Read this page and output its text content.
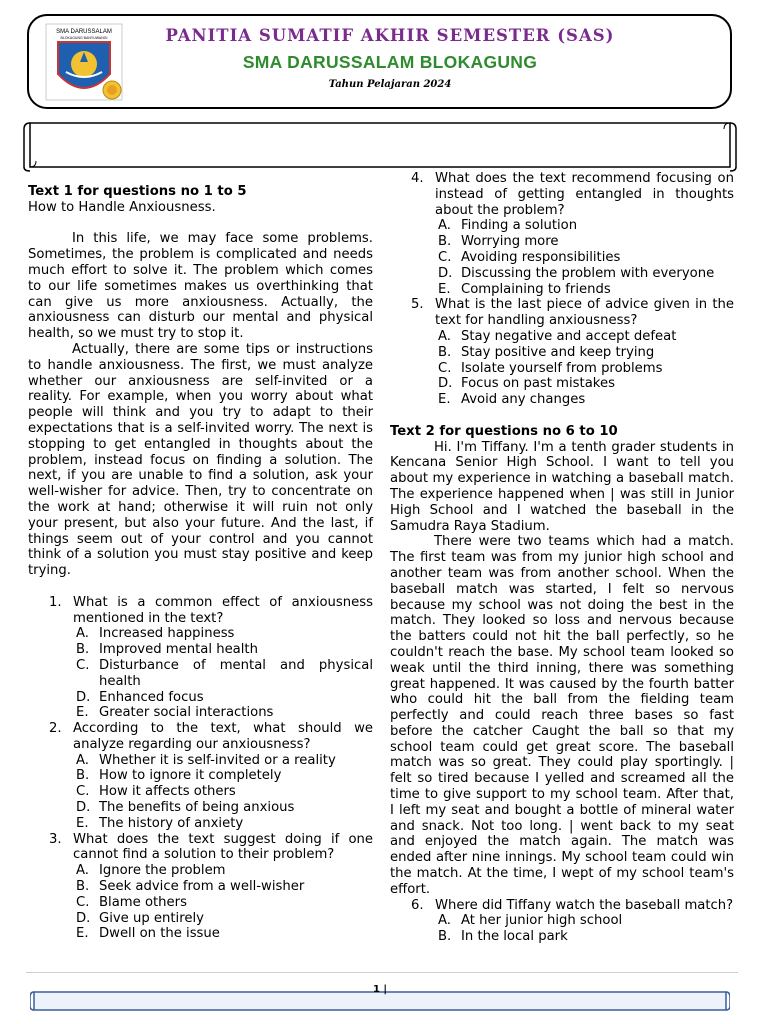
SMA DARUSSALAM
BLOKAGUNG BANYUWANGI	PANITIA SUMATIF AKHIR SEMESTER (SAS)
SMA DARUSSALAM BLOKAGUNG
Tahun Pelajaran 2024

Text 1 for questions no 1 to 5

How to Handle Anxiousness.

In this life, we may face some problems. Sometimes, the problem is complicated and needs much effort to solve it. The problem which comes to our life sometimes makes us overthinking that can give us more anxiousness. Actually, the anxiousness can disturb our mental and physical health, so we must try to stop it.

Actually, there are some tips or instructions to handle anxiousness. The first, we must analyze whether our anxiousness are self-invited or a reality. For example, when you worry about what people will think and you try to adapt to their expectations that is a self-invited worry. The next is stopping to get entangled in thoughts about the problem, instead focus on finding a solution. The next, if you are unable to find a solution, ask your well-wisher for advice. Then, try to concentrate on the work at hand; otherwise it will ruin not only your present, but also your future. And the last, if things seem out of your control and you cannot think of a solution you must stay positive and keep trying.

1. What is a common effect of anxiousness mentioned in the text?
A. Increased happiness
B. Improved mental health
C. Disturbance of mental and physical health
D. Enhanced focus
E. Greater social interactions
2. According to the text, what should we analyze regarding our anxiousness?
A. Whether it is self-invited or a reality
B. How to ignore it completely
C. How it affects others
D. The benefits of being anxious
E. The history of anxiety
3. What does the text suggest doing if one cannot find a solution to their problem?
A. Ignore the problem
B. Seek advice from a well-wisher
C. Blame others
D. Give up entirely
E. Dwell on the issue
4. What does the text recommend focusing on instead of getting entangled in thoughts about the problem?
A. Finding a solution
B. Worrying more
C. Avoiding responsibilities
D. Discussing the problem with everyone
E. Complaining to friends
5. What is the last piece of advice given in the text for handling anxiousness?
A. Stay negative and accept defeat
B. Stay positive and keep trying
C. Isolate yourself from problems
D. Focus on past mistakes
E. Avoid any changes

Text 2 for questions no 6 to 10

Hi. I'm Tiffany. I'm a tenth grader students in Kencana Senior High School. I want to tell you about my experience in watching a baseball match. The experience happened when | was still in Junior High School and I watched the baseball in the Samudra Raya Stadium.

There were two teams which had a match. The first team was from my junior high school and another team was from another school. When the baseball match was started, I felt so nervous because my school was not doing the best in the match. They looked so loss and nervous because the batters could not hit the ball perfectly, so he couldn't reach the base. My school team looked so weak until the third inning, there was something great happened. It was caused by the fourth batter who could hit the ball from the fielding team perfectly and could reach three bases so fast before the catcher Caught the ball so that my school team could get great score. The baseball match was so great. They could play sportingly. | felt so tired because I yelled and screamed all the time to give support to my school team. After that, I left my seat and bought a bottle of mineral water and snack. Not too long. | went back to my seat and enjoyed the match again. The match was ended after nine innings. My school team could win the match. At the time, I wept of my school team's effort.

6. Where did Tiffany watch the baseball match?
A. At her junior high school
B. In the local park
1 |
